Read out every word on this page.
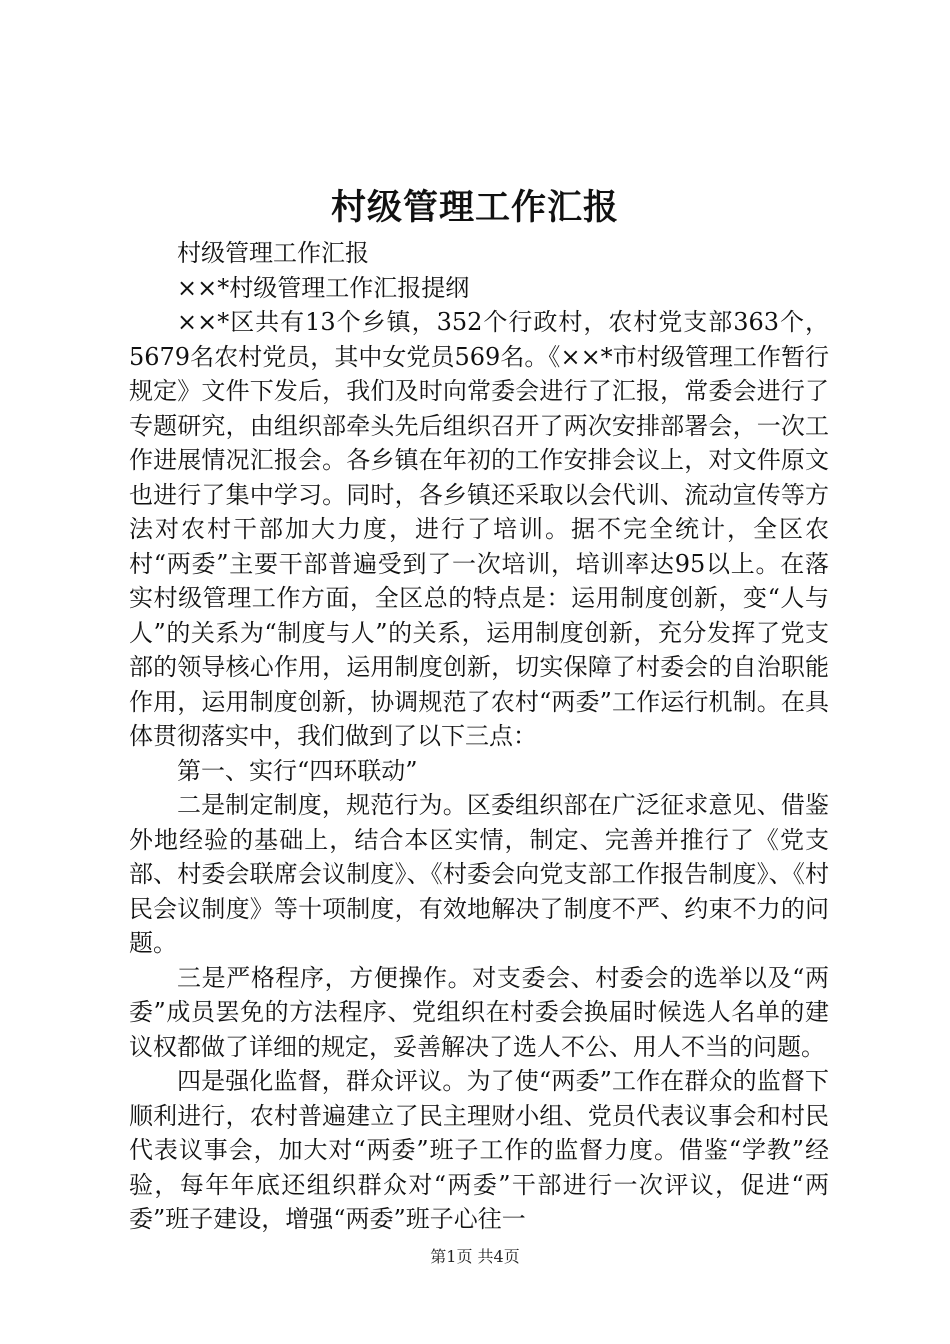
村级管理工作汇报

村级管理工作汇报

××*村级管理工作汇报提纲

××*区共有13个乡镇，352个行政村，农村党支部363个，5679名农村党员，其中女党员569名。《××*市村级管理工作暂行规定》文件下发后，我们及时向常委会进行了汇报，常委会进行了专题研究，由组织部牵头先后组织召开了两次安排部署会，一次工作进展情况汇报会。各乡镇在年初的工作安排会议上，对文件原文也进行了集中学习。同时，各乡镇还采取以会代训、流动宣传等方法对农村干部加大力度，进行了培训。据不完全统计，全区农村“两委”主要干部普遍受到了一次培训，培训率达95以上。在落实村级管理工作方面，全区总的特点是：运用制度创新，变“人与人”的关系为“制度与人”的关系，运用制度创新，充分发挥了党支部的领导核心作用，运用制度创新，切实保障了村委会的自治职能作用，运用制度创新，协调规范了农村“两委”工作运行机制。在具体贯彻落实中，我们做到了以下三点：

第一、实行“四环联动”

二是制定制度，规范行为。区委组织部在广泛征求意见、借鉴外地经验的基础上，结合本区实情，制定、完善并推行了《党支部、村委会联席会议制度》、《村委会向党支部工作报告制度》、《村民会议制度》等十项制度，有效地解决了制度不严、约束不力的问题。

三是严格程序，方便操作。对支委会、村委会的选举以及“两委”成员罢免的方法程序、党组织在村委会换届时候选人名单的建议权都做了详细的规定，妥善解决了选人不公、用人不当的问题。

四是强化监督，群众评议。为了使“两委”工作在群众的监督下顺利进行，农村普遍建立了民主理财小组、党员代表议事会和村民代表议事会，加大对“两委”班子工作的监督力度。借鉴“学教”经验，每年年底还组织群众对“两委”干部进行一次评议，促进“两委”班子建设，增强“两委”班子心往一

第1页 共4页
